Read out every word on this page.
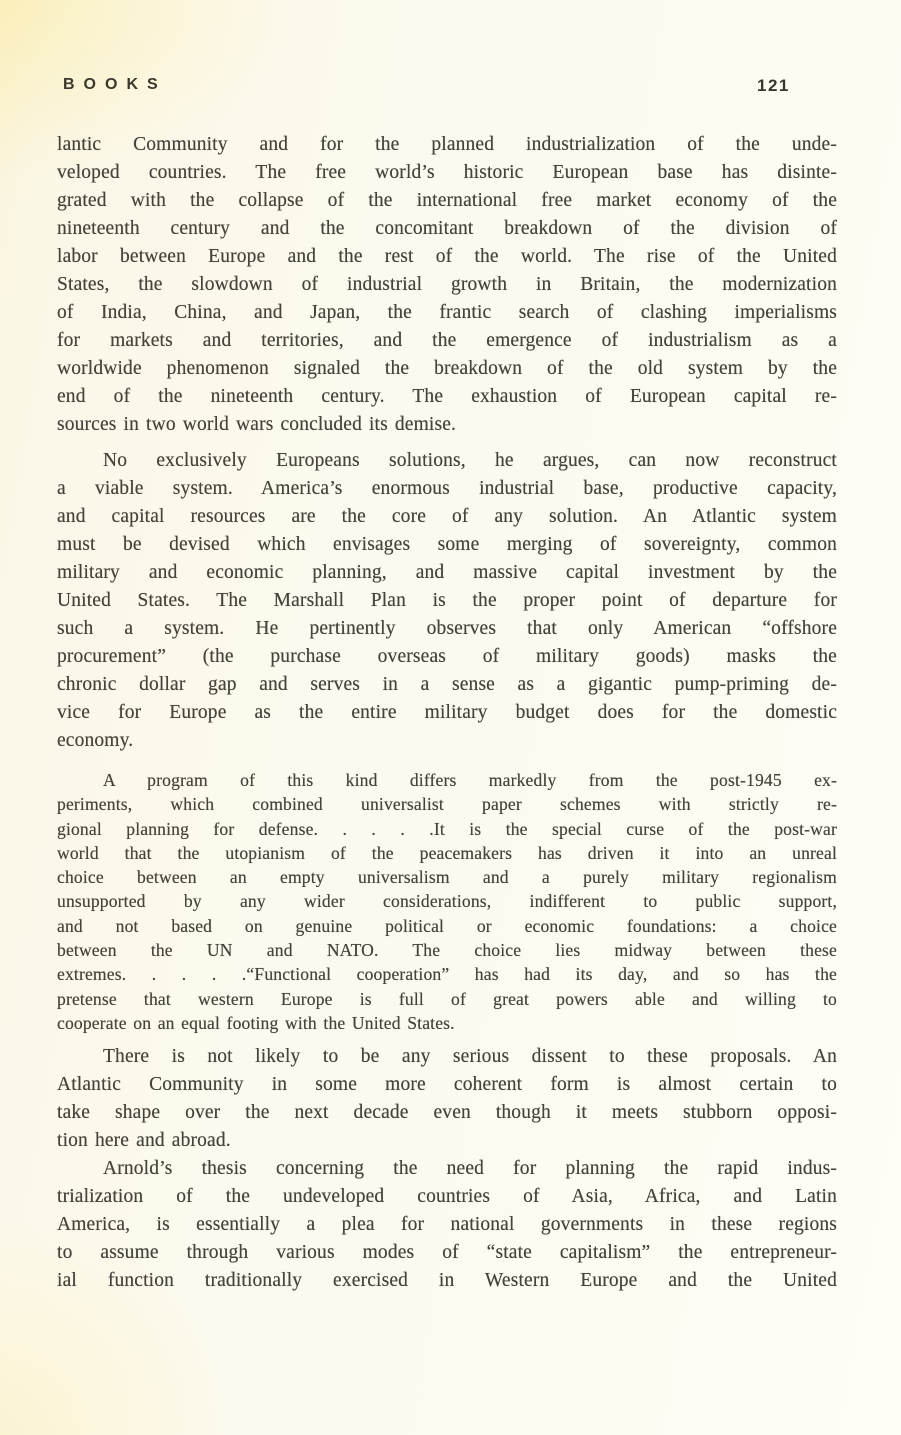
BOOKS	121
lantic Community and for the planned industrialization of the unde-
veloped countries. The free world’s historic European base has disinte-
grated with the collapse of the international free market economy of the
nineteenth century and the concomitant breakdown of the division of
labor between Europe and the rest of the world. The rise of the United
States, the slowdown of industrial growth in Britain, the modernization
of India, China, and Japan, the frantic search of clashing imperialisms
for markets and territories, and the emergence of industrialism as a
worldwide phenomenon signaled the breakdown of the old system by the
end of the nineteenth century. The exhaustion of European capital re-
sources in two world wars concluded its demise.
No exclusively Europeans solutions, he argues, can now reconstruct
a viable system. America’s enormous industrial base, productive capacity,
and capital resources are the core of any solution. An Atlantic system
must be devised which envisages some merging of sovereignty, common
military and economic planning, and massive capital investment by the
United States. The Marshall Plan is the proper point of departure for
such a system. He pertinently observes that only American “offshore
procurement” (the purchase overseas of military goods) masks the
chronic dollar gap and serves in a sense as a gigantic pump-priming de-
vice for Europe as the entire military budget does for the domestic
economy.
A program of this kind differs markedly from the post-1945 ex-
periments, which combined universalist paper schemes with strictly re-
gional planning for defense. . . . .It is the special curse of the post-war
world that the utopianism of the peacemakers has driven it into an unreal
choice between an empty universalism and a purely military regionalism
unsupported by any wider considerations, indifferent to public support,
and not based on genuine political or economic foundations: a choice
between the UN and NATO. The choice lies midway between these
extremes. . . . .“Functional cooperation” has had its day, and so has the
pretense that western Europe is full of great powers able and willing to
cooperate on an equal footing with the United States.
There is not likely to be any serious dissent to these proposals. An
Atlantic Community in some more coherent form is almost certain to
take shape over the next decade even though it meets stubborn opposi-
tion here and abroad.
Arnold’s thesis concerning the need for planning the rapid indus-
trialization of the undeveloped countries of Asia, Africa, and Latin
America, is essentially a plea for national governments in these regions
to assume through various modes of “state capitalism” the entrepreneur-
ial function traditionally exercised in Western Europe and the United
